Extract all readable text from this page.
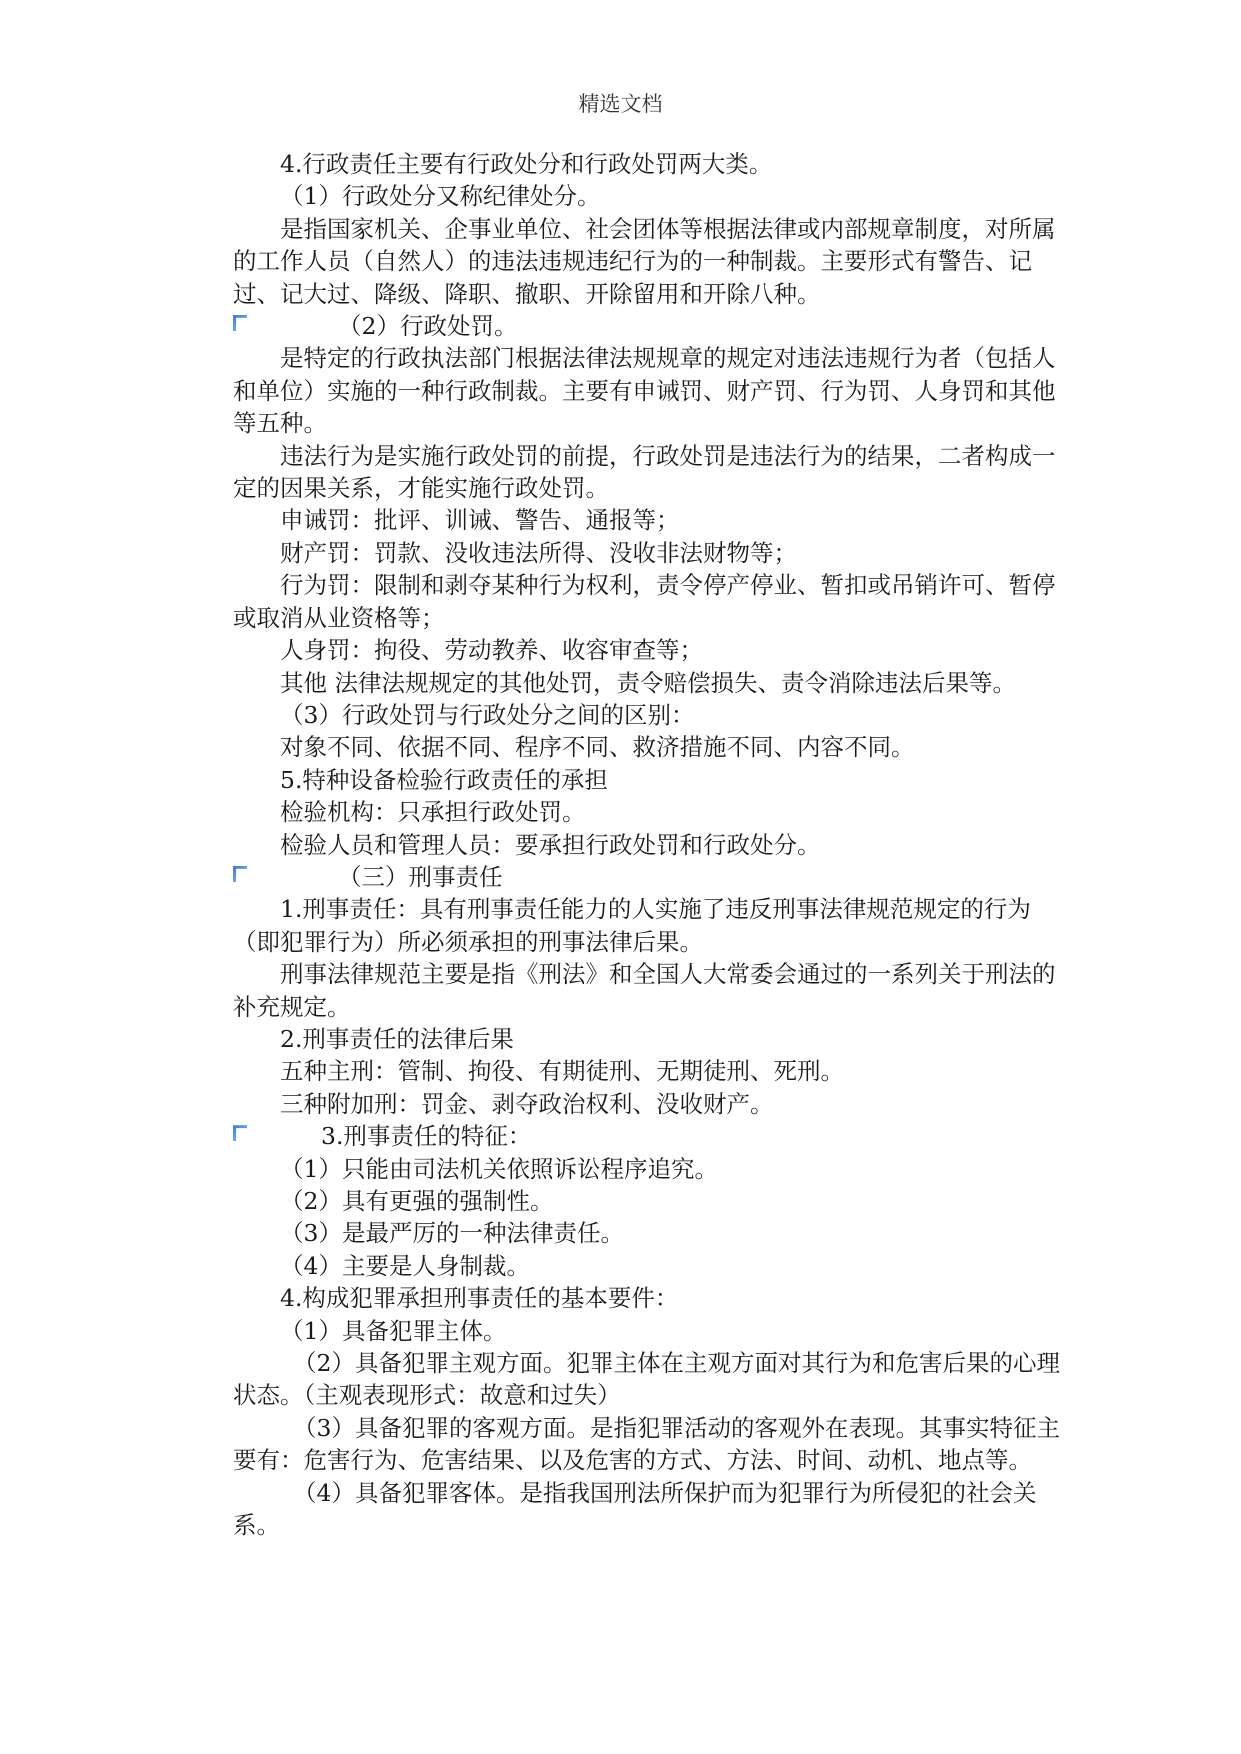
精选文档

4.行政责任主要有行政处分和行政处罚两大类。

（1）行政处分又称纪律处分。

是指国家机关、企事业单位、社会团体等根据法律或内部规章制度，对所属的工作人员（自然人）的违法违规违纪行为的一种制裁。主要形式有警告、记过、记大过、降级、降职、撤职、开除留用和开除八种。

（2）行政处罚。

是特定的行政执法部门根据法律法规规章的规定对违法违规行为者（包括人和单位）实施的一种行政制裁。主要有申诫罚、财产罚、行为罚、人身罚和其他等五种。

违法行为是实施行政处罚的前提，行政处罚是违法行为的结果，二者构成一定的因果关系，才能实施行政处罚。

申诫罚：批评、训诫、警告、通报等；

财产罚：罚款、没收违法所得、没收非法财物等；

行为罚：限制和剥夺某种行为权利，责令停产停业、暂扣或吊销许可、暂停或取消从业资格等；

人身罚：拘役、劳动教养、收容审查等；

其他 法律法规规定的其他处罚，责令赔偿损失、责令消除违法后果等。

（3）行政处罚与行政处分之间的区别：

对象不同、依据不同、程序不同、救济措施不同、内容不同。

5.特种设备检验行政责任的承担

检验机构：只承担行政处罚。

检验人员和管理人员：要承担行政处罚和行政处分。

（三）刑事责任

1.刑事责任：具有刑事责任能力的人实施了违反刑事法律规范规定的行为（即犯罪行为）所必须承担的刑事法律后果。

刑事法律规范主要是指《刑法》和全国人大常委会通过的一系列关于刑法的补充规定。

2.刑事责任的法律后果

五种主刑：管制、拘役、有期徒刑、无期徒刑、死刑。

三种附加刑：罚金、剥夺政治权利、没收财产。

3.刑事责任的特征：

（1）只能由司法机关依照诉讼程序追究。

（2）具有更强的强制性。

（3）是最严厉的一种法律责任。

（4）主要是人身制裁。

4.构成犯罪承担刑事责任的基本要件：

（1）具备犯罪主体。

（2）具备犯罪主观方面。犯罪主体在主观方面对其行为和危害后果的心理状态。（主观表现形式：故意和过失）

（3）具备犯罪的客观方面。是指犯罪活动的客观外在表现。其事实特征主要有：危害行为、危害结果、以及危害的方式、方法、时间、动机、地点等。

（4）具备犯罪客体。是指我国刑法所保护而为犯罪行为所侵犯的社会关系。
